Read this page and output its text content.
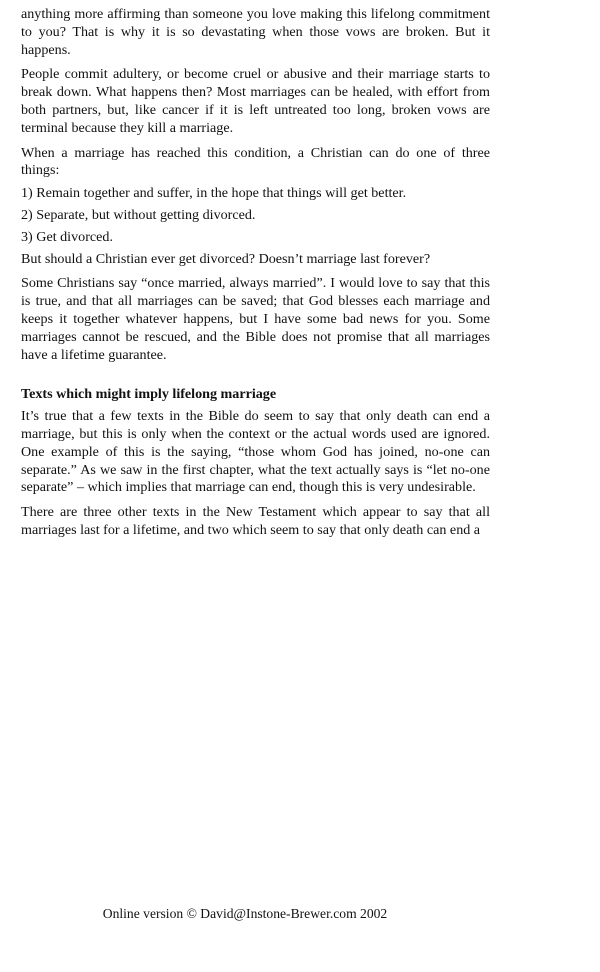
anything more affirming than someone you love making this lifelong commitment to you? That is why it is so devastating when those vows are broken. But it happens.

People commit adultery, or become cruel or abusive and their marriage starts to break down. What happens then? Most marriages can be healed, with effort from both partners, but, like cancer if it is left untreated too long, broken vows are terminal because they kill a marriage.

When a marriage has reached this condition, a Christian can do one of three things:

1) Remain together and suffer, in the hope that things will get better.

2) Separate, but without getting divorced.

3) Get divorced.

But should a Christian ever get divorced? Doesn’t marriage last forever?

Some Christians say “once married, always married”. I would love to say that this is true, and that all marriages can be saved; that God blesses each marriage and keeps it together whatever happens, but I have some bad news for you. Some marriages cannot be rescued, and the Bible does not promise that all marriages have a lifetime guarantee.

Texts which might imply lifelong marriage

It’s true that a few texts in the Bible do seem to say that only death can end a marriage, but this is only when the context or the actual words used are ignored. One example of this is the saying, “those whom God has joined, no-one can separate.” As we saw in the first chapter, what the text actually says is “let no-one separate” – which implies that marriage can end, though this is very undesirable.

There are three other texts in the New Testament which appear to say that all marriages last for a lifetime, and two which seem to say that only death can end a

Online version © David@Instone-Brewer.com 2002
